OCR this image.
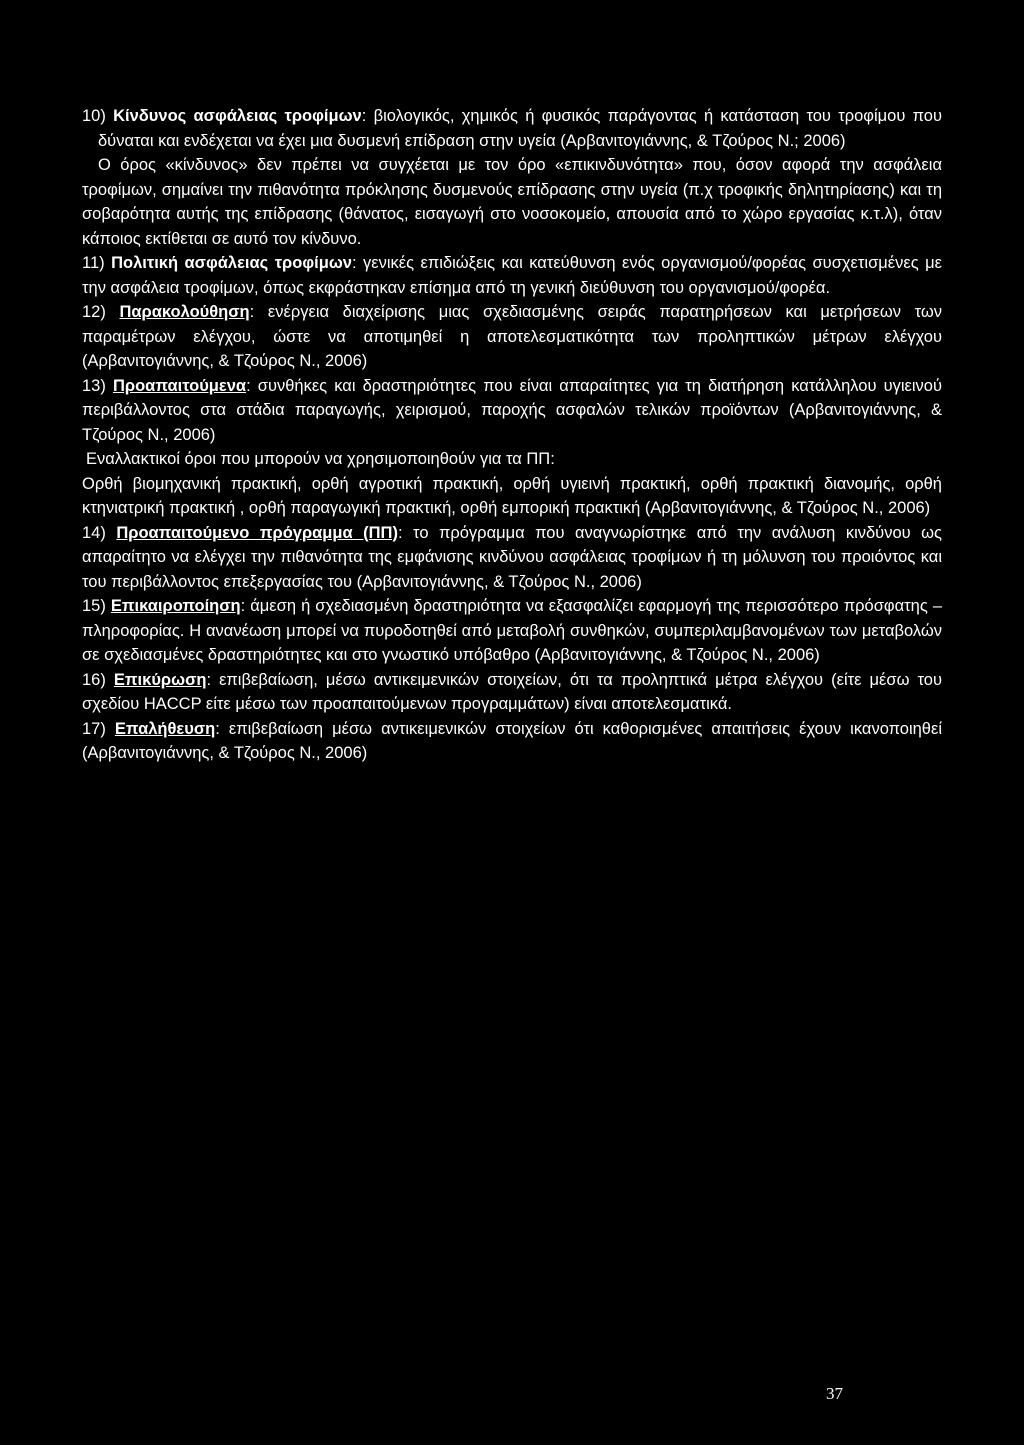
10) Κίνδυνος ασφάλειας τροφίμων: βιολογικός, χημικός ή φυσικός παράγοντας ή κατάσταση του τροφίμου που δύναται και ενδέχεται να έχει μια δυσμενή επίδραση στην υγεία (Αρβανιτογιάννης, & Τζούρος Ν.; 2006)

Ο όρος «κίνδυνος» δεν πρέπει να συγχέεται με τον όρο «επικινδυνότητα» που, όσον αφορά την ασφάλεια τροφίμων, σημαίνει την πιθανότητα πρόκλησης δυσμενούς επίδρασης στην υγεία (π.χ τροφικής δηλητηρίασης) και τη σοβαρότητα αυτής της επίδρασης (θάνατος, εισαγωγή στο νοσοκομείο, απουσία από το χώρο εργασίας κ.τ.λ), όταν κάποιος εκτίθεται σε αυτό τον κίνδυνο.

11) Πολιτική ασφάλειας τροφίμων: γενικές επιδιώξεις και κατεύθυνση ενός οργανισμού/φορέας συσχετισμένες με την ασφάλεια τροφίμων, όπως εκφράστηκαν επίσημα από τη γενική διεύθυνση του οργανισμού/φορέα.

12) Παρακολούθηση: ενέργεια διαχείρισης μιας σχεδιασμένης σειράς παρατηρήσεων και μετρήσεων των παραμέτρων ελέγχου, ώστε να αποτιμηθεί η αποτελεσματικότητα των προληπτικών μέτρων ελέγχου (Αρβανιτογιάννης, & Τζούρος Ν., 2006)

13) Προαπαιτούμενα: συνθήκες και δραστηριότητες που είναι απαραίτητες για τη διατήρηση κατάλληλου υγιεινού περιβάλλοντος στα στάδια παραγωγής, χειρισμού, παροχής ασφαλών τελικών προϊόντων (Αρβανιτογιάννης, & Τζούρος Ν., 2006)

Εναλλακτικοί όροι που μπορούν να χρησιμοποιηθούν για τα ΠΠ:

Ορθή βιομηχανική πρακτική, ορθή αγροτική πρακτική, ορθή υγιεινή πρακτική, ορθή πρακτική διανομής, ορθή κτηνιατρική πρακτική , ορθή παραγωγική πρακτική, ορθή εμπορική πρακτική (Αρβανιτογιάννης, & Τζούρος Ν., 2006)

14) Προαπαιτούμενο πρόγραμμα (ΠΠ): το πρόγραμμα που αναγνωρίστηκε από την ανάλυση κινδύνου ως απαραίτητο να ελέγχει την πιθανότητα της εμφάνισης κινδύνου ασφάλειας τροφίμων ή τη μόλυνση του προιόντος και του περιβάλλοντος επεξεργασίας του (Αρβανιτογιάννης, & Τζούρος Ν., 2006)

15) Επικαιροποίηση: άμεση ή σχεδιασμένη δραστηριότητα να εξασφαλίζει εφαρμογή της περισσότερο πρόσφατης –πληροφορίας. Η ανανέωση μπορεί να πυροδοτηθεί από μεταβολή συνθηκών, συμπεριλαμβανομένων των μεταβολών σε σχεδιασμένες δραστηριότητες και στο γνωστικό υπόβαθρο (Αρβανιτογιάννης, & Τζούρος Ν., 2006)

16) Επικύρωση: επιβεβαίωση, μέσω αντικειμενικών στοιχείων, ότι τα προληπτικά μέτρα ελέγχου (είτε μέσω του σχεδίου HACCP είτε μέσω των προαπαιτούμενων προγραμμάτων) είναι αποτελεσματικά.

17) Επαλήθευση: επιβεβαίωση μέσω αντικειμενικών στοιχείων ότι καθορισμένες απαιτήσεις έχουν ικανοποιηθεί (Αρβανιτογιάννης, & Τζούρος Ν., 2006)

37
